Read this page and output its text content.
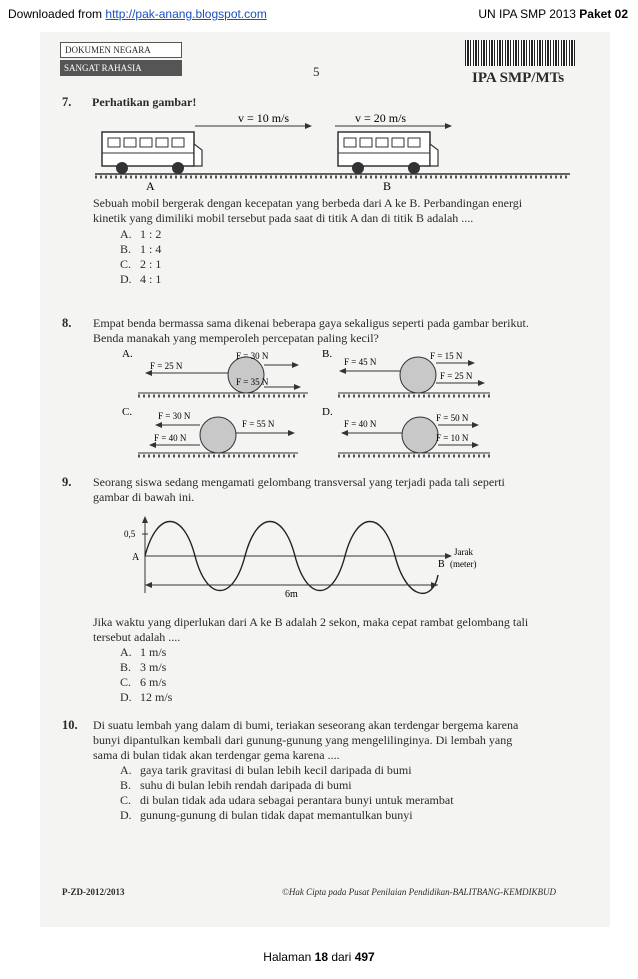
Downloaded from http://pak-anang.blogspot.com	UN IPA SMP 2013 Paket 02
DOKUMEN NEGARA
SANGAT RAHASIA	5	IPA SMP/MTs
7. Perhatikan gambar!
v = 10 m/s	v = 20 m/s
A	B
Sebuah mobil bergerak dengan kecepatan yang berbeda dari A ke B. Perbandingan energi
kinetik yang dimiliki mobil tersebut pada saat di titik A dan di titik B adalah ....
A. 1 : 2
B. 1 : 4
C. 2 : 1
D. 4 : 1
8. Empat benda bermassa sama dikenai beberapa gaya sekaligus seperti pada gambar berikut.
Benda manakah yang memperoleh percepatan paling kecil?
A.
F = 25 N
F = 30 N
F = 35 N
B.
F = 45 N
F = 15 N
F = 25 N
C.	F = 30 N
F = 40 N
F = 55 N
D.
F = 40 N
F = 50 N
F = 10 N
9. Seorang siswa sedang mengamati gelombang transversal yang terjadi pada tali seperti
gambar di bawah ini.
0,5
A	Jarak
B (meter)
6m
Jika waktu yang diperlukan dari A ke B adalah 2 sekon, maka cepat rambat gelombang tali
tersebut adalah ....
A. 1 m/s
B. 3 m/s
C. 6 m/s
D. 12 m/s
10. Di suatu lembah yang dalam di bumi, teriakan seseorang akan terdengar bergema karena
bunyi dipantulkan kembali dari gunung-gunung yang mengelilinginya. Di lembah yang
sama di bulan tidak akan terdengar gema karena ....
A. gaya tarik gravitasi di bulan lebih kecil daripada di bumi
B. suhu di bulan lebih rendah daripada di bumi
C. di bulan tidak ada udara sebagai perantara bunyi untuk merambat
D. gunung-gunung di bulan tidak dapat memantulkan bunyi
P-ZD-2012/2013	©Hak Cipta pada Pusat Penilaian Pendidikan-BALITBANG-KEMDIKBUD
Halaman 18 dari 497
